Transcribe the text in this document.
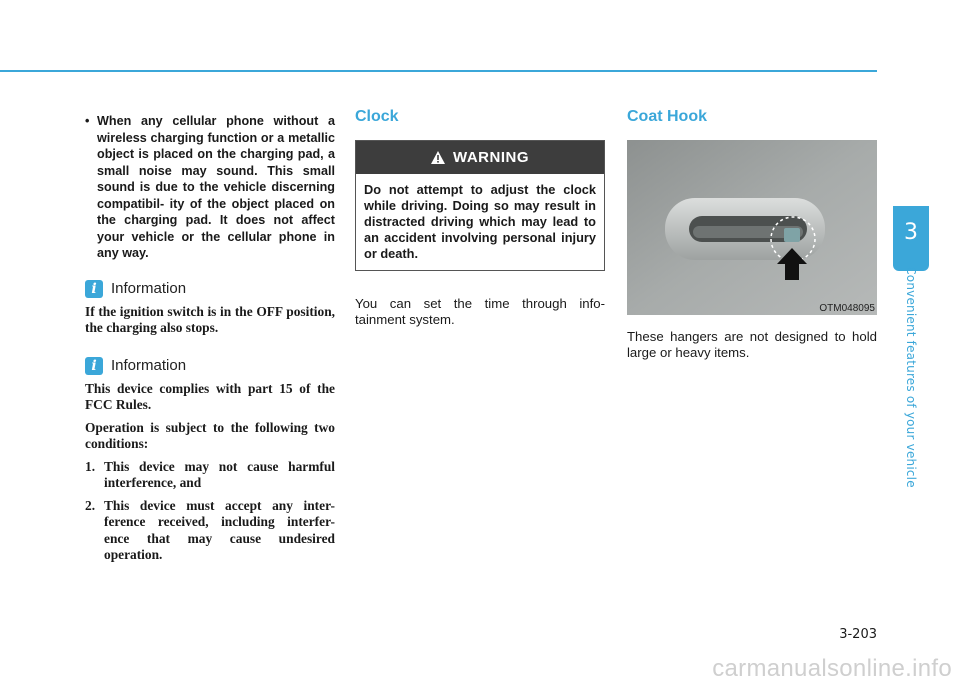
3
Convenient features of your vehicle
• When any cellular phone without a wireless charging function or a metallic object is placed on the charging pad, a small noise may sound. This small sound is due to the vehicle discerning compatibil- ity of the object placed on the charging pad. It does not affect your vehicle or the cellular phone in any way.
i Information

If the ignition switch is in the OFF position, the charging also stops.

i Information

This device complies with part 15 of the FCC Rules.

Operation is subject to the following two conditions:

1. This device may not cause harmful interference, and

2. This device must accept any inter- ference received, including interfer- ence that may cause undesired operation.

Clock
WARNING
Do not attempt to adjust the clock while driving. Doing so may result in distracted driving which may lead to an accident involving personal injury or death.
You can set the time through info- tainment system.
Coat Hook
OTM048095
These hangers are not designed to hold large or heavy items.
3-203
carmanualsonline.info
